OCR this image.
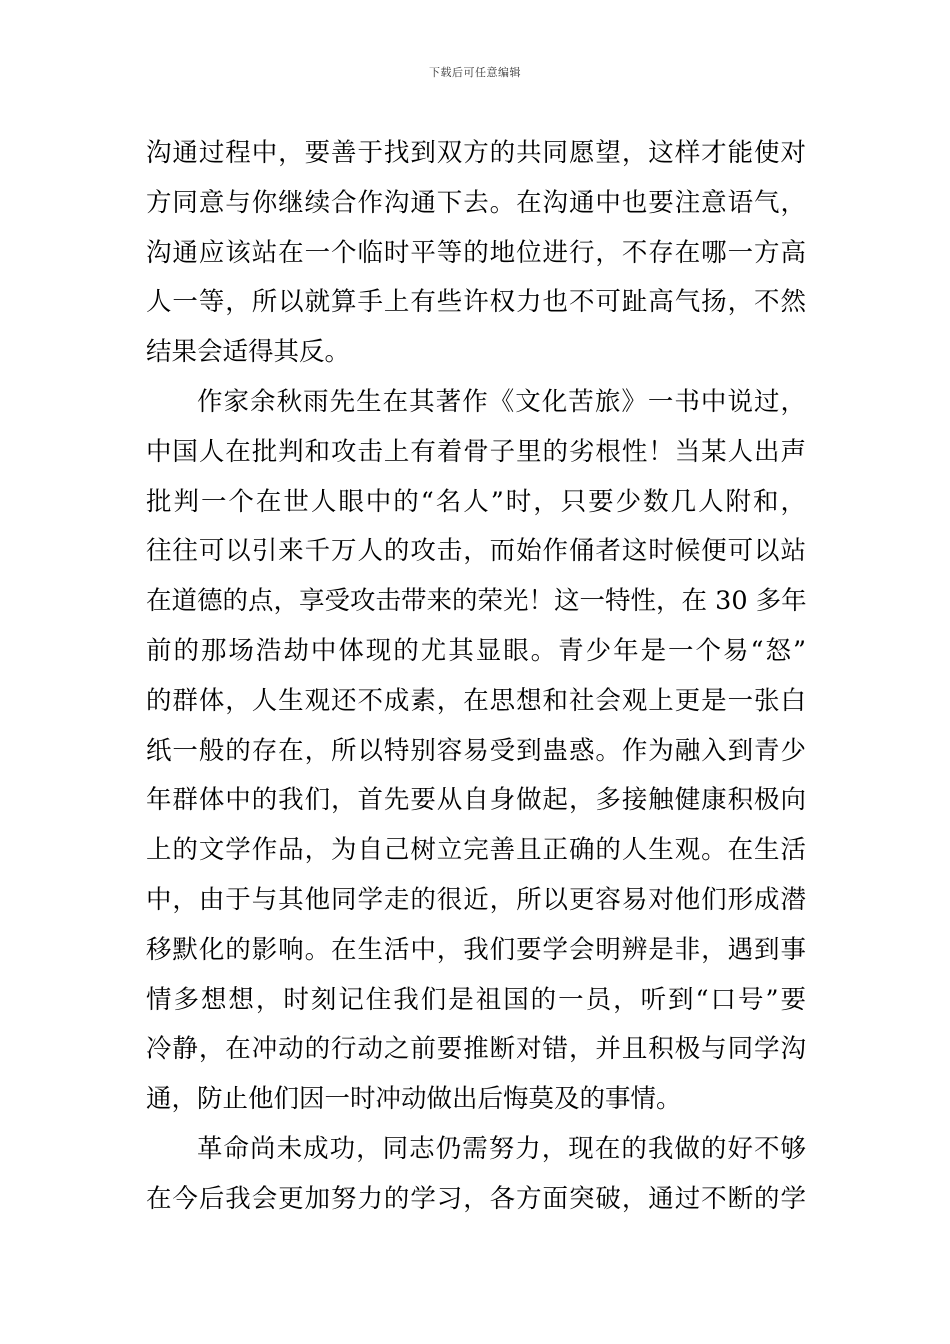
下载后可任意编辑
沟通过程中，要善于找到双方的共同愿望，这样才能使对
方同意与你继续合作沟通下去。在沟通中也要注意语气，
沟通应该站在一个临时平等的地位进行，不存在哪一方高
人一等，所以就算手上有些许权力也不可趾高气扬，不然
结果会适得其反。
作家余秋雨先生在其著作《文化苦旅》一书中说过，
中国人在批判和攻击上有着骨子里的劣根性！当某人出声
批判一个在世人眼中的“名人”时，只要少数几人附和，
往往可以引来千万人的攻击，而始作俑者这时候便可以站
在道德的点，享受攻击带来的荣光！这一特性，在 30 多年
前的那场浩劫中体现的尤其显眼。青少年是一个易“怒”
的群体，人生观还不成素，在思想和社会观上更是一张白
纸一般的存在，所以特别容易受到蛊惑。作为融入到青少
年群体中的我们，首先要从自身做起，多接触健康积极向
上的文学作品，为自己树立完善且正确的人生观。在生活
中，由于与其他同学走的很近，所以更容易对他们形成潜
移默化的影响。在生活中，我们要学会明辨是非，遇到事
情多想想，时刻记住我们是祖国的一员，听到“口号”要
冷静，在冲动的行动之前要推断对错，并且积极与同学沟
通，防止他们因一时冲动做出后悔莫及的事情。
革命尚未成功，同志仍需努力，现在的我做的好不够
在今后我会更加努力的学习，各方面突破，通过不断的学
